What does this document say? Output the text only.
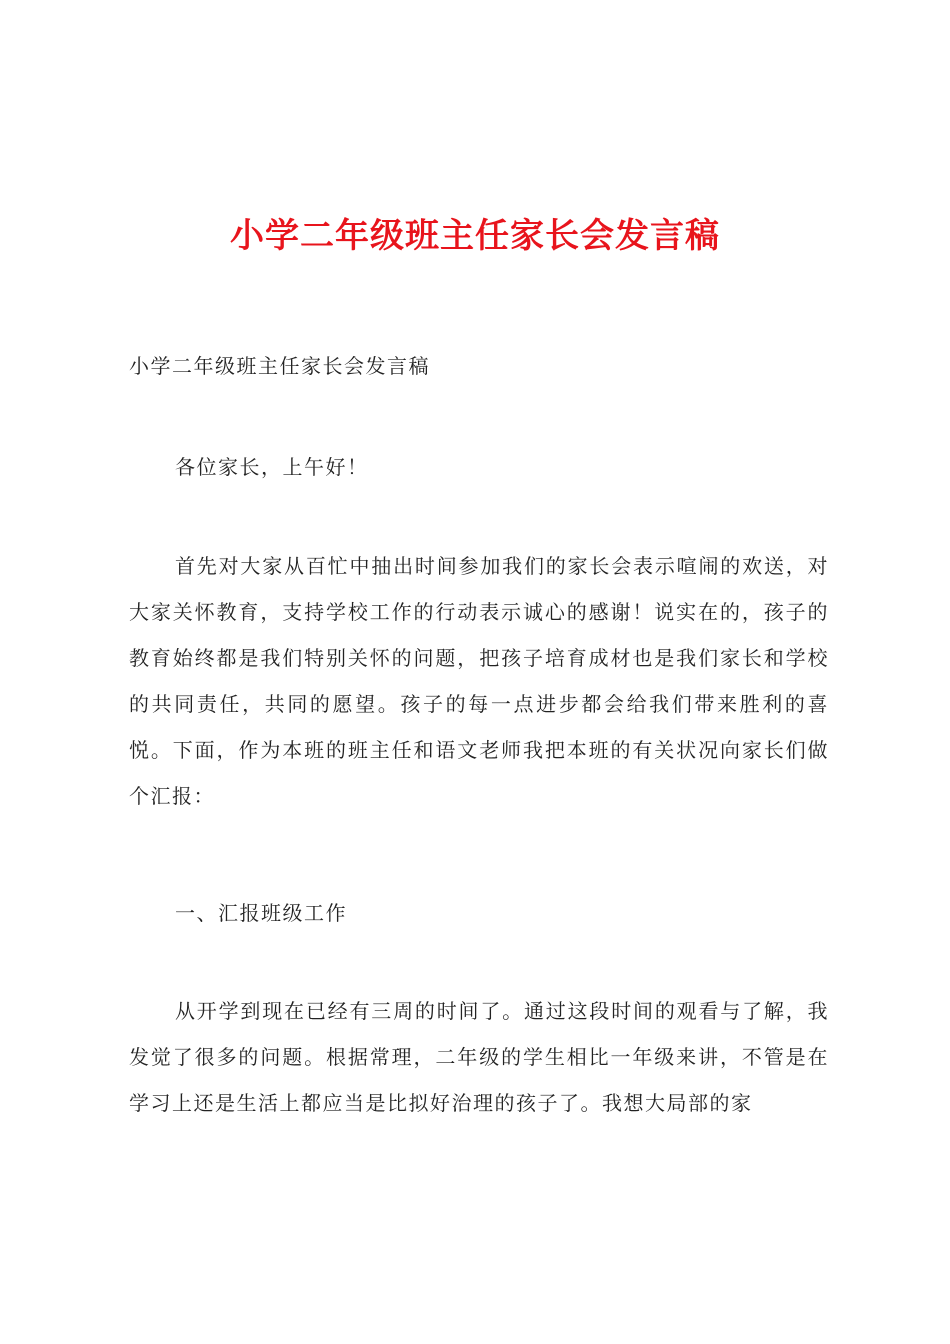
小学二年级班主任家长会发言稿

小学二年级班主任家长会发言稿

各位家长，上午好！

首先对大家从百忙中抽出时间参加我们的家长会表示喧闹的欢送，对大家关怀教育，支持学校工作的行动表示诚心的感谢！说实在的，孩子的教育始终都是我们特别关怀的问题，把孩子培育成材也是我们家长和学校的共同责任，共同的愿望。孩子的每一点进步都会给我们带来胜利的喜悦。下面，作为本班的班主任和语文老师我把本班的有关状况向家长们做个汇报：

一、汇报班级工作

从开学到现在已经有三周的时间了。通过这段时间的观看与了解，我发觉了很多的问题。根据常理，二年级的学生相比一年级来讲，不管是在学习上还是生活上都应当是比拟好治理的孩子了。我想大局部的家
